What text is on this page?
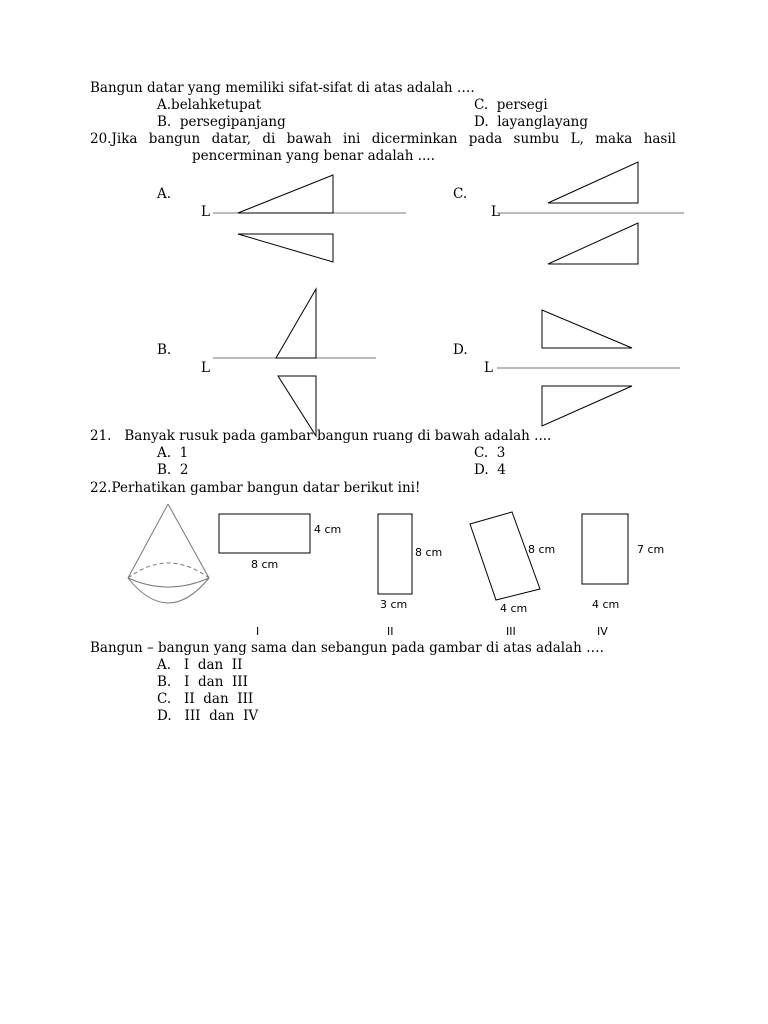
Bangun datar yang memiliki sifat-sifat di atas adalah ….
A.belahketupat
B. persegipanjang
C. persegi
D. layanglayang
20.Jika bangun datar, di bawah ini dicerminkan pada sumbu L, maka hasil
pencerminan yang benar adalah ....
A.
B.
C.
D.
L
L
L
L
21. Banyak rusuk pada gambar bangun ruang di bawah adalah ....
A. 1
B. 2
C. 3
D. 4
22.Perhatikan gambar bangun datar berikut ini!
4 cm
8 cm
8 cm
3 cm
8 cm
4 cm
7 cm
4 cm
I	II	III	IV
Bangun – bangun yang sama dan sebangun pada gambar di atas adalah ….
A. I  dan  II
B. I  dan  III
C. II  dan  III
D. III  dan  IV
